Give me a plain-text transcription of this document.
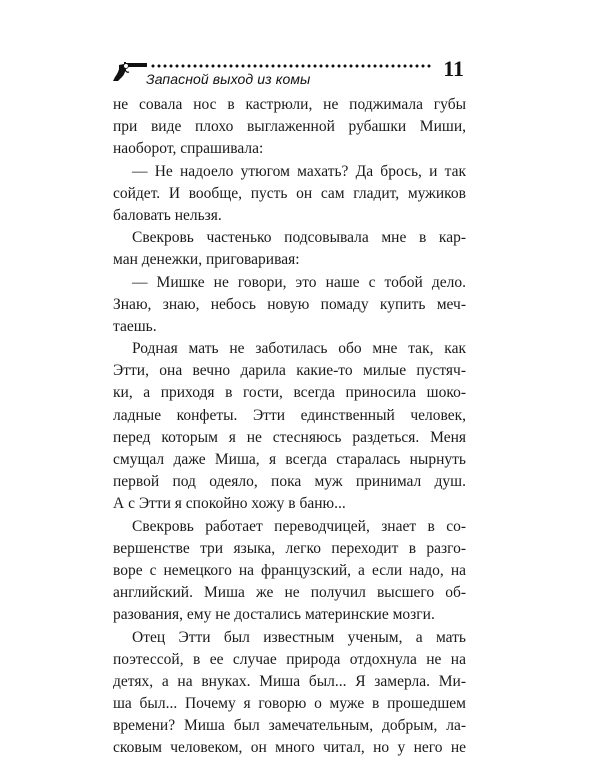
Запасной выход из комы	11
не совала нос в кастрюли, не поджимала губы
при виде плохо выглаженной рубашки Миши,
наоборот, спрашивала:
— Не надоело утюгом махать? Да брось, и так
сойдет. И вообще, пусть он сам гладит, мужиков
баловать нельзя.
Свекровь частенько подсовывала мне в кар-
ман денежки, приговаривая:
— Мишке не говори, это наше с тобой дело.
Знаю, знаю, небось новую помаду купить меч-
таешь.
Родная мать не заботилась обо мне так, как
Этти, она вечно дарила какие-то милые пустяч-
ки, а приходя в гости, всегда приносила шоко-
ладные конфеты. Этти единственный человек,
перед которым я не стесняюсь раздеться. Меня
смущал даже Миша, я всегда старалась нырнуть
первой под одеяло, пока муж принимал душ.
А с Этти я спокойно хожу в баню...
Свекровь работает переводчицей, знает в со-
вершенстве три языка, легко переходит в разго-
воре с немецкого на французский, а если надо, на
английский. Миша же не получил высшего об-
разования, ему не достались материнские мозги.
Отец Этти был известным ученым, а мать
поэтессой, в ее случае природа отдохнула не на
детях, а на внуках. Миша был... Я замерла. Ми-
ша был... Почему я говорю о муже в прошедшем
времени? Миша был замечательным, добрым, ла-
сковым человеком, он много читал, но у него не
